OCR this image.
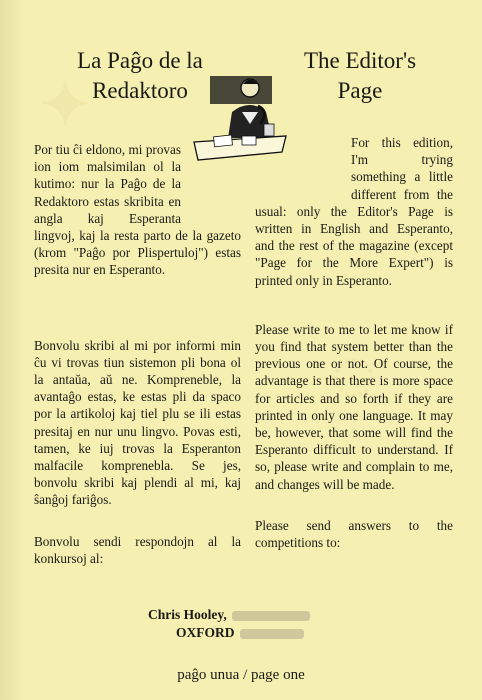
✦
◌
La Paĝo de la
Redaktoro
The Editor's
Page

Por tiu ĉi eldono, mi provas ion iom malsimilan ol la kutimo: nur la Paĝo de la Redaktoro estas skribita en angla kaj Esperanta lingvoj, kaj la resta parto de la gazeto (krom "Paĝo por Plispertuloj") estas presita nur en Esperanto.

Bonvolu skribi al mi por informi min ĉu vi trovas tiun sistemon pli bona ol la antaŭa, aŭ ne. Kompreneble, la avantaĝo estas, ke estas pli da spaco por la artikoloj kaj tiel plu se ili estas presitaj en nur unu lingvo. Povas esti, tamen, ke iuj trovas la Esperanton malfacile komprenebla. Se jes, bonvolu skribi kaj plendi al mi, kaj ŝanĝoj fariĝos.

Bonvolu sendi respondojn al la konkursoj al:

For this edition, I'm trying something a little different from the usual: only the Editor's Page is written in English and Esperanto, and the rest of the magazine (except "Page for the More Expert") is printed only in Esperanto.

Please write to me to let me know if you find that system better than the previous one or not. Of course, the advantage is that there is more space for articles and so forth if they are printed in only one language. It may be, however, that some will find the Esperanto difficult to understand. If so, please write and complain to me, and changes will be made.

Please send answers to the competitions to:

Chris Hooley,
OXFORD
paĝo unua / page one
